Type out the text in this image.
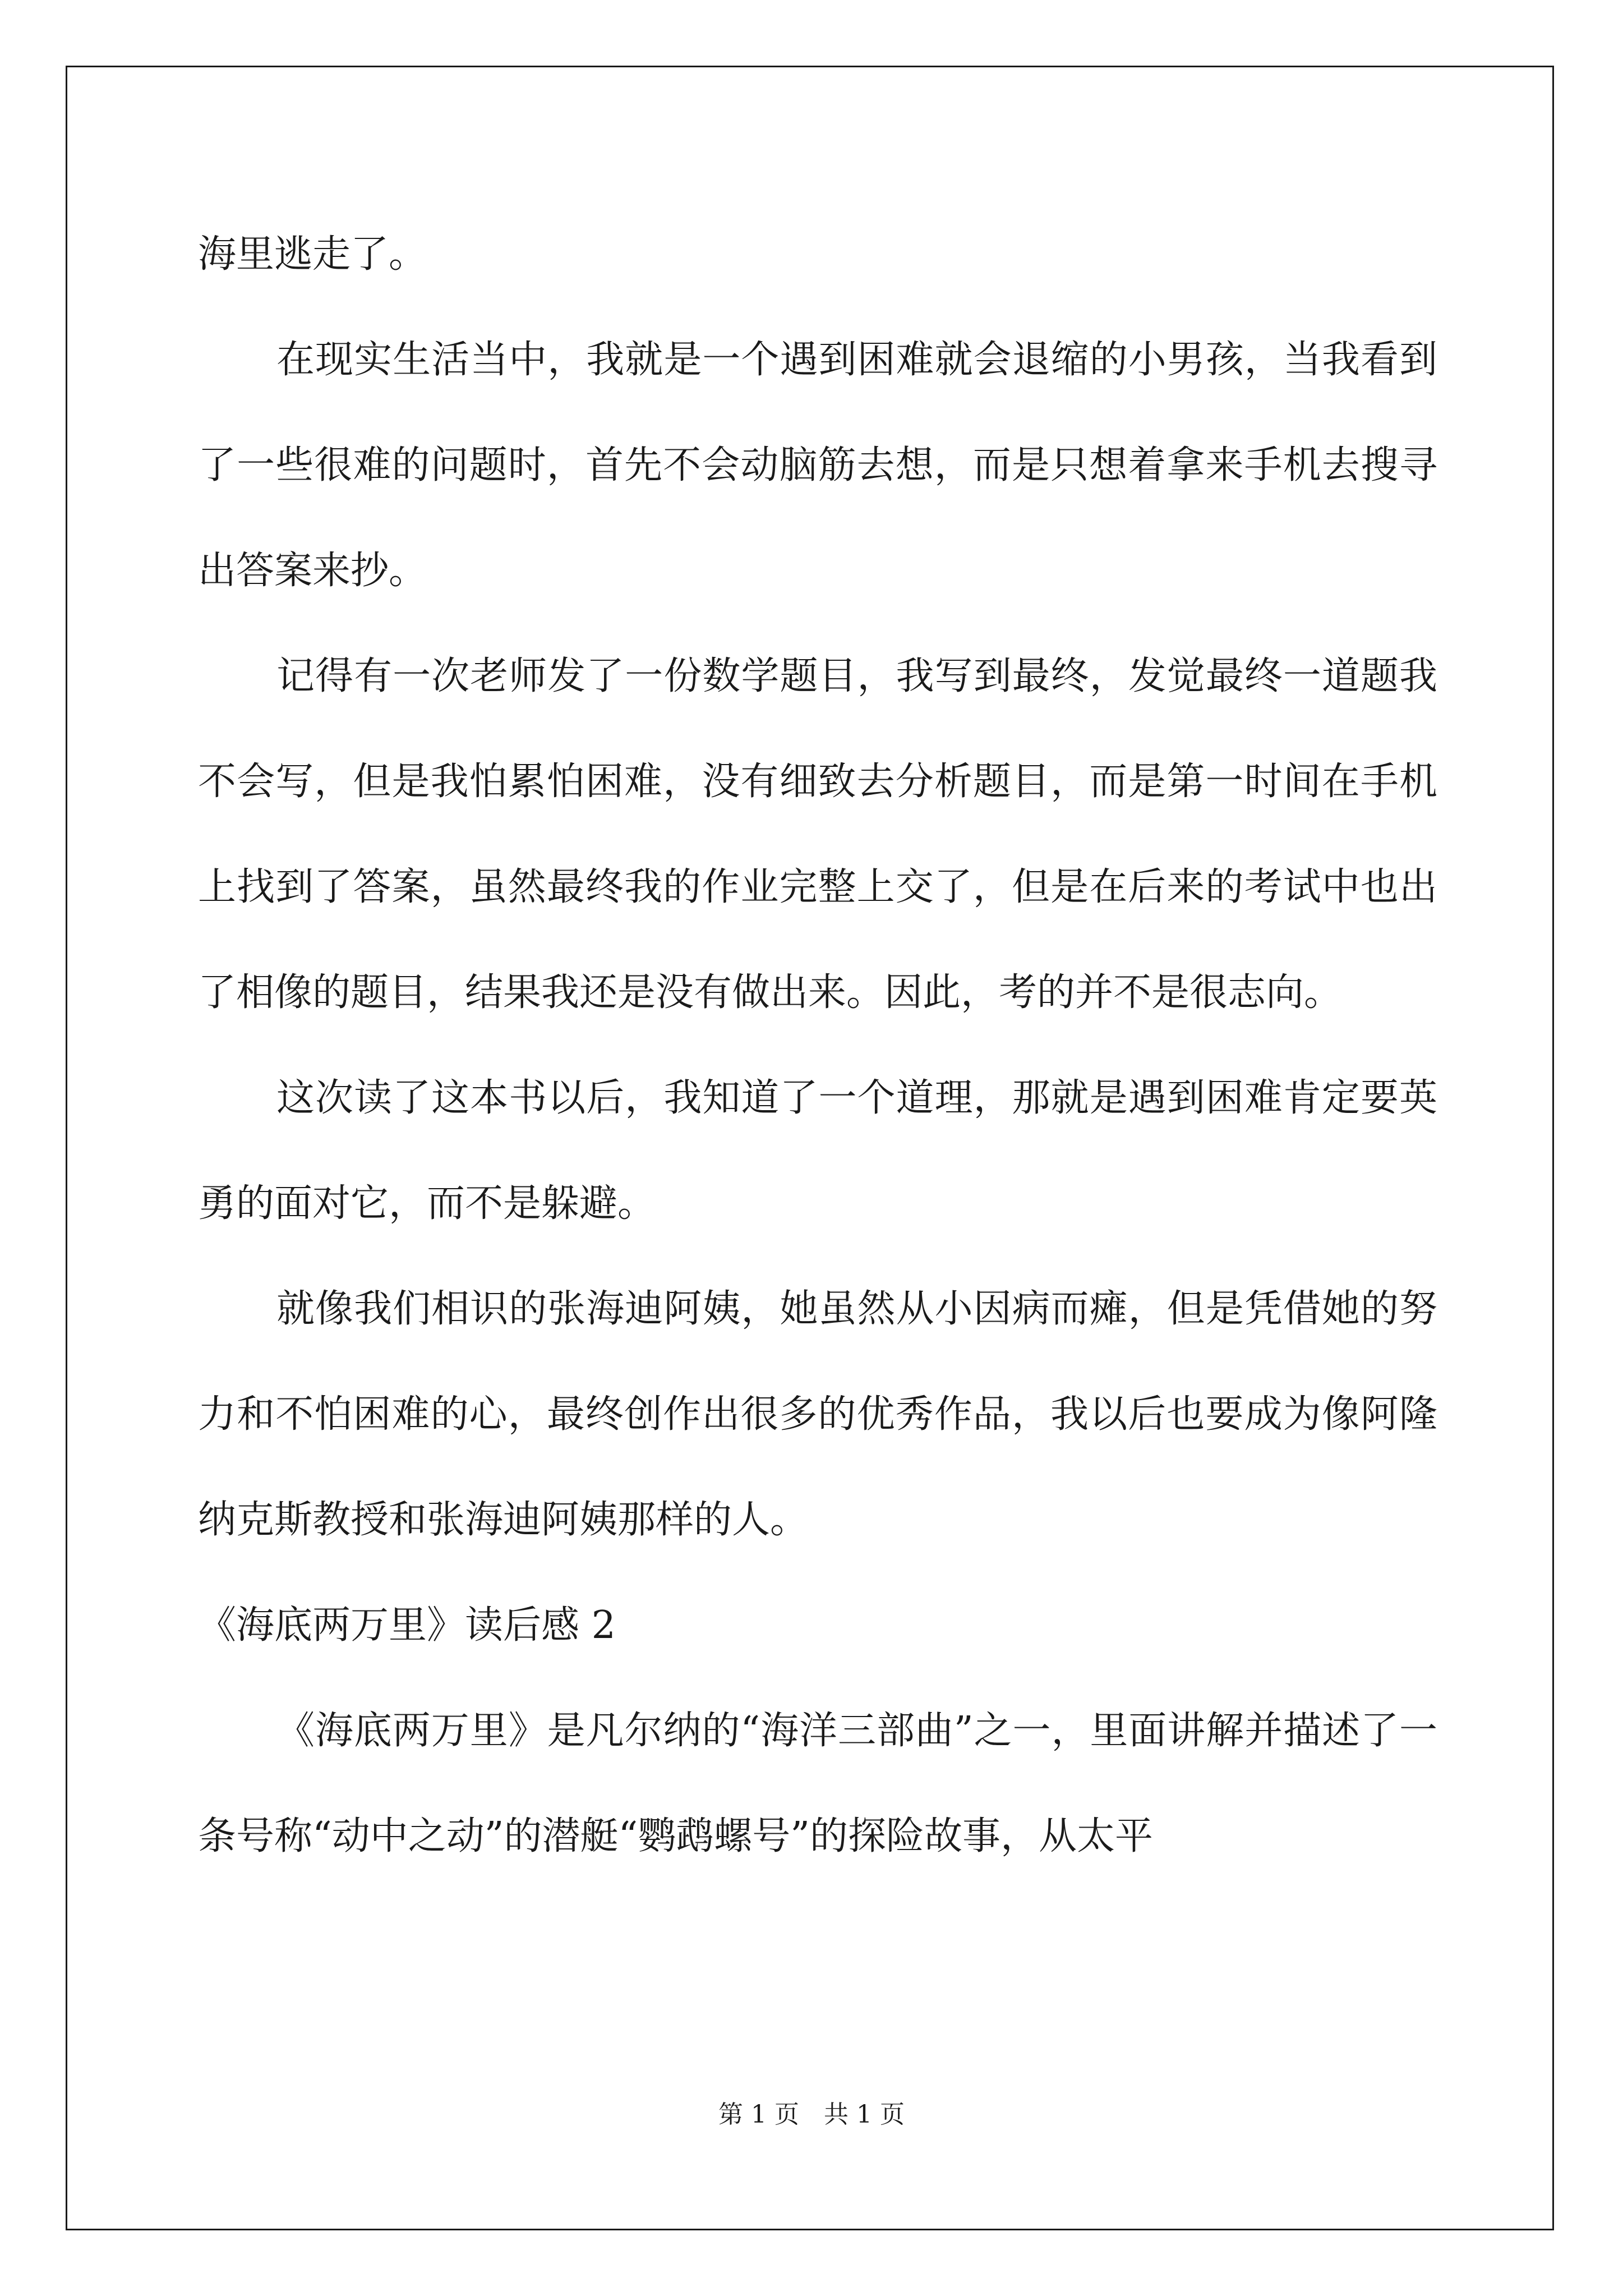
海里逃走了。

在现实生活当中，我就是一个遇到困难就会退缩的小男孩，当我看到了一些很难的问题时，首先不会动脑筋去想，而是只想着拿来手机去搜寻出答案来抄。

记得有一次老师发了一份数学题目，我写到最终，发觉最终一道题我不会写，但是我怕累怕困难，没有细致去分析题目，而是第一时间在手机上找到了答案，虽然最终我的作业完整上交了，但是在后来的考试中也出了相像的题目，结果我还是没有做出来。因此，考的并不是很志向。

这次读了这本书以后，我知道了一个道理，那就是遇到困难肯定要英勇的面对它，而不是躲避。

就像我们相识的张海迪阿姨，她虽然从小因病而瘫，但是凭借她的努力和不怕困难的心，最终创作出很多的优秀作品，我以后也要成为像阿隆纳克斯教授和张海迪阿姨那样的人。

《海底两万里》读后感 2

《海底两万里》是凡尔纳的“海洋三部曲”之一，里面讲解并描述了一条号称“动中之动”的潜艇“鹦鹉螺号”的探险故事，从太平

第 1 页 共 1 页
